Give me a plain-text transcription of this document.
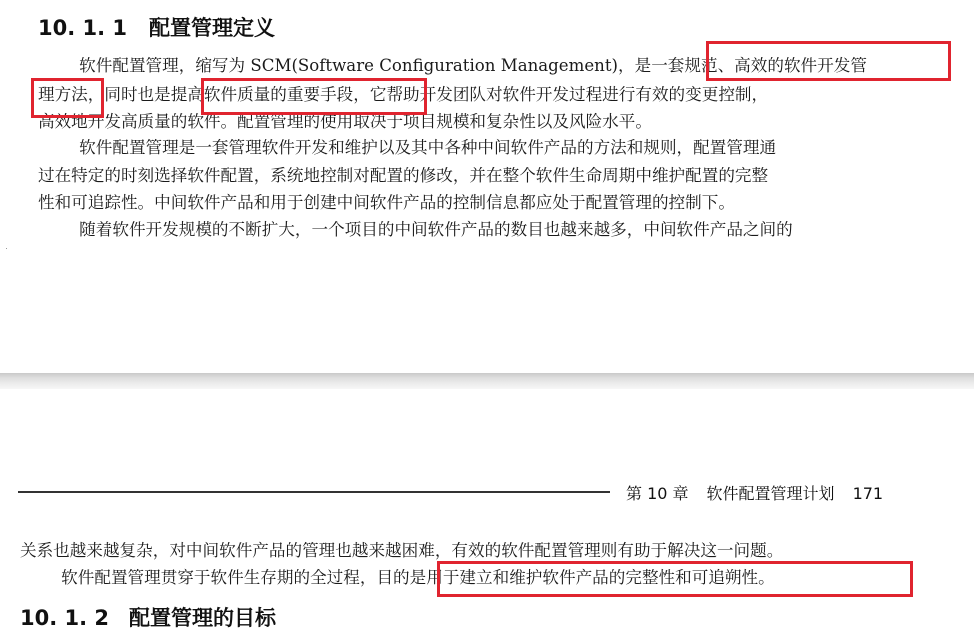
10. 1. 1 配置管理定义
　　软件配置管理，缩写为 SCM(Software Configuration Management)，是一套规范、高效的软件开发管
理方法，同时也是提高软件质量的重要手段，它帮助开发团队对软件开发过程进行有效的变更控制，
高效地开发高质量的软件。配置管理的使用取决于项目规模和复杂性以及风险水平。
　　软件配置管理是一套管理软件开发和维护以及其中各种中间软件产品的方法和规则，配置管理通
过在特定的时刻选择软件配置，系统地控制对配置的修改，并在整个软件生命周期中维护配置的完整
性和可追踪性。中间软件产品和用于创建中间软件产品的控制信息都应处于配置管理的控制下。
　　随着软件开发规模的不断扩大，一个项目的中间软件产品的数目也越来越多，中间软件产品之间的
第 10 章 软件配置管理计划 171
关系也越来越复杂，对中间软件产品的管理也越来越困难，有效的软件配置管理则有助于解决这一问题。
　　软件配置管理贯穿于软件生存期的全过程，目的是用于建立和维护软件产品的完整性和可追朔性。
10. 1. 2 配置管理的目标
